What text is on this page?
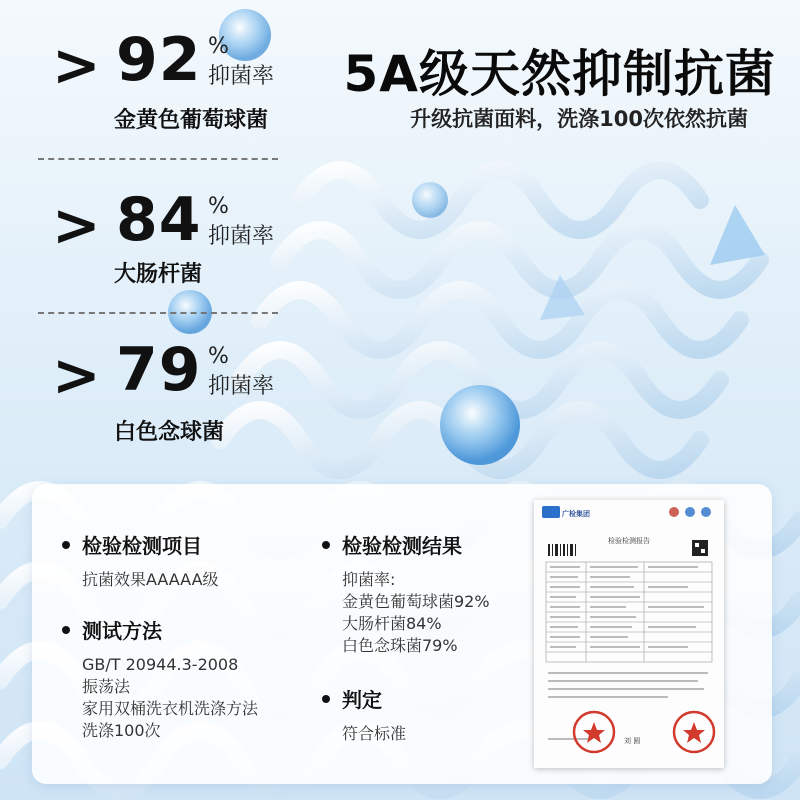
> 92 %
抑菌率
金黄色葡萄球菌
> 84 %
抑菌率
大肠杆菌
> 79 %
抑菌率
白色念球菌
5A级天然抑制抗菌
升级抗菌面料，洗涤100次依然抗菌
检验检测项目
抗菌效果AAAAA级
测试方法
GB/T 20944.3-2008
振荡法
家用双桶洗衣机洗涤方法
洗涤100次
检验检测结果
抑菌率:
金黄色葡萄球菌92%
大肠杆菌84%
白色念珠菌79%
判定
符合标准
广检集团
检验检测报告
刘 圆
